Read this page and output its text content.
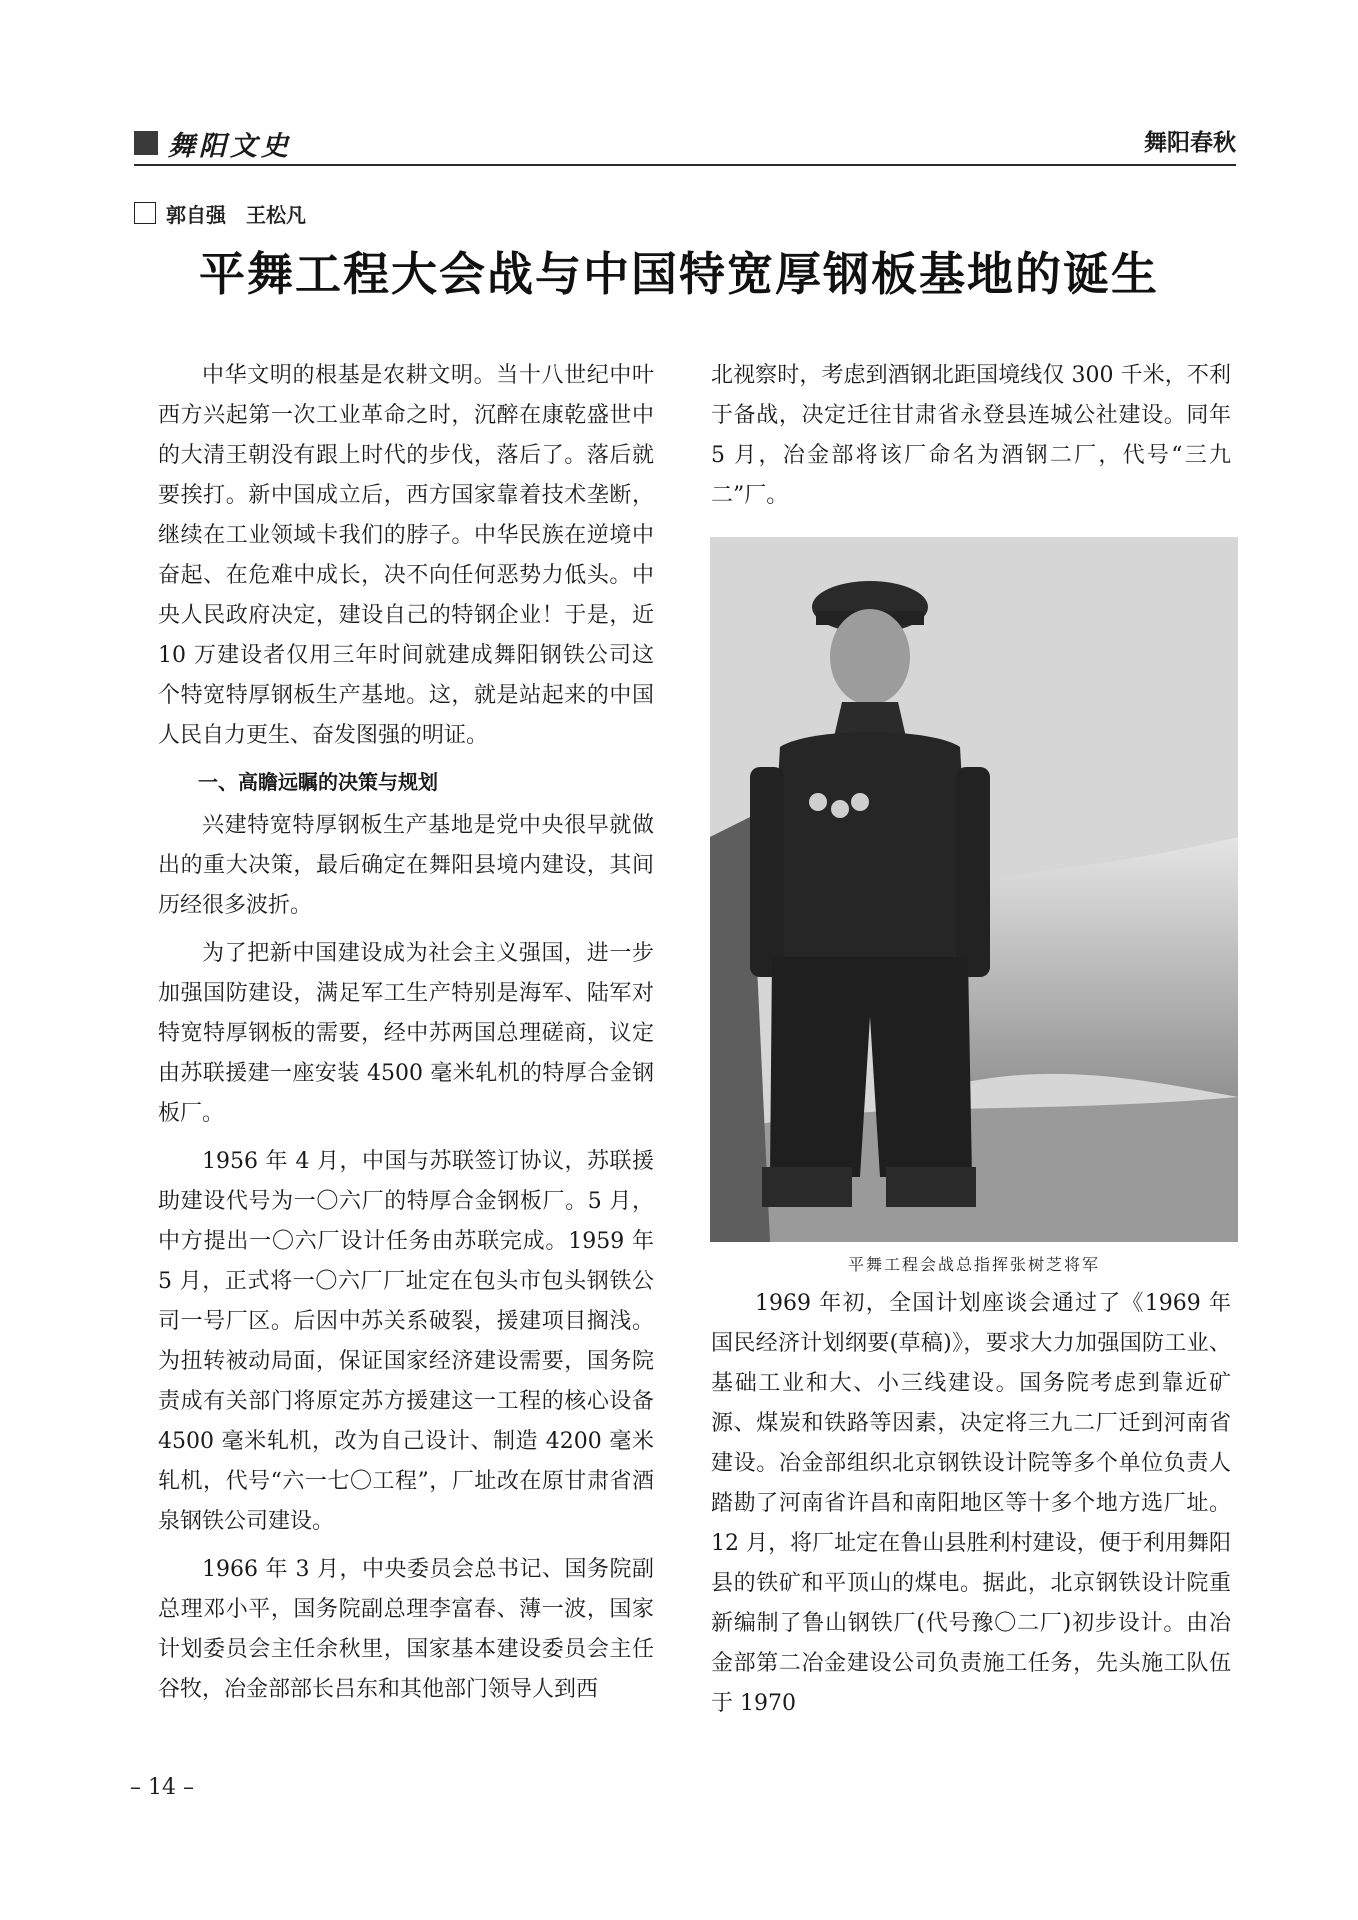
舞阳文史	舞阳春秋
郭自强　王松凡
平舞工程大会战与中国特宽厚钢板基地的诞生

中华文明的根基是农耕文明。当十八世纪中叶西方兴起第一次工业革命之时，沉醉在康乾盛世中的大清王朝没有跟上时代的步伐，落后了。落后就要挨打。新中国成立后，西方国家靠着技术垄断，继续在工业领域卡我们的脖子。中华民族在逆境中奋起、在危难中成长，决不向任何恶势力低头。中央人民政府决定，建设自己的特钢企业！于是，近 10 万建设者仅用三年时间就建成舞阳钢铁公司这个特宽特厚钢板生产基地。这，就是站起来的中国人民自力更生、奋发图强的明证。

一、高瞻远瞩的决策与规划

兴建特宽特厚钢板生产基地是党中央很早就做出的重大决策，最后确定在舞阳县境内建设，其间历经很多波折。

为了把新中国建设成为社会主义强国，进一步加强国防建设，满足军工生产特别是海军、陆军对特宽特厚钢板的需要，经中苏两国总理磋商，议定由苏联援建一座安装 4500 毫米轧机的特厚合金钢板厂。

1956 年 4 月，中国与苏联签订协议，苏联援助建设代号为一〇六厂的特厚合金钢板厂。5 月，中方提出一〇六厂设计任务由苏联完成。1959 年 5 月，正式将一〇六厂厂址定在包头市包头钢铁公司一号厂区。后因中苏关系破裂，援建项目搁浅。为扭转被动局面，保证国家经济建设需要，国务院责成有关部门将原定苏方援建这一工程的核心设备 4500 毫米轧机，改为自己设计、制造 4200 毫米轧机，代号“六一七〇工程”，厂址改在原甘肃省酒泉钢铁公司建设。

1966 年 3 月，中央委员会总书记、国务院副总理邓小平，国务院副总理李富春、薄一波，国家计划委员会主任余秋里，国家基本建设委员会主任谷牧，冶金部部长吕东和其他部门领导人到西

北视察时，考虑到酒钢北距国境线仅 300 千米，不利于备战，决定迁往甘肃省永登县连城公社建设。同年 5 月，冶金部将该厂命名为酒钢二厂，代号“三九二”厂。

平舞工程会战总指挥张树芝将军

1969 年初，全国计划座谈会通过了《1969 年国民经济计划纲要(草稿)》，要求大力加强国防工业、基础工业和大、小三线建设。国务院考虑到靠近矿源、煤炭和铁路等因素，决定将三九二厂迁到河南省建设。冶金部组织北京钢铁设计院等多个单位负责人踏勘了河南省许昌和南阳地区等十多个地方选厂址。12 月，将厂址定在鲁山县胜利村建设，便于利用舞阳县的铁矿和平顶山的煤电。据此，北京钢铁设计院重新编制了鲁山钢铁厂(代号豫〇二厂)初步设计。由冶金部第二冶金建设公司负责施工任务，先头施工队伍于 1970

– 14 –
